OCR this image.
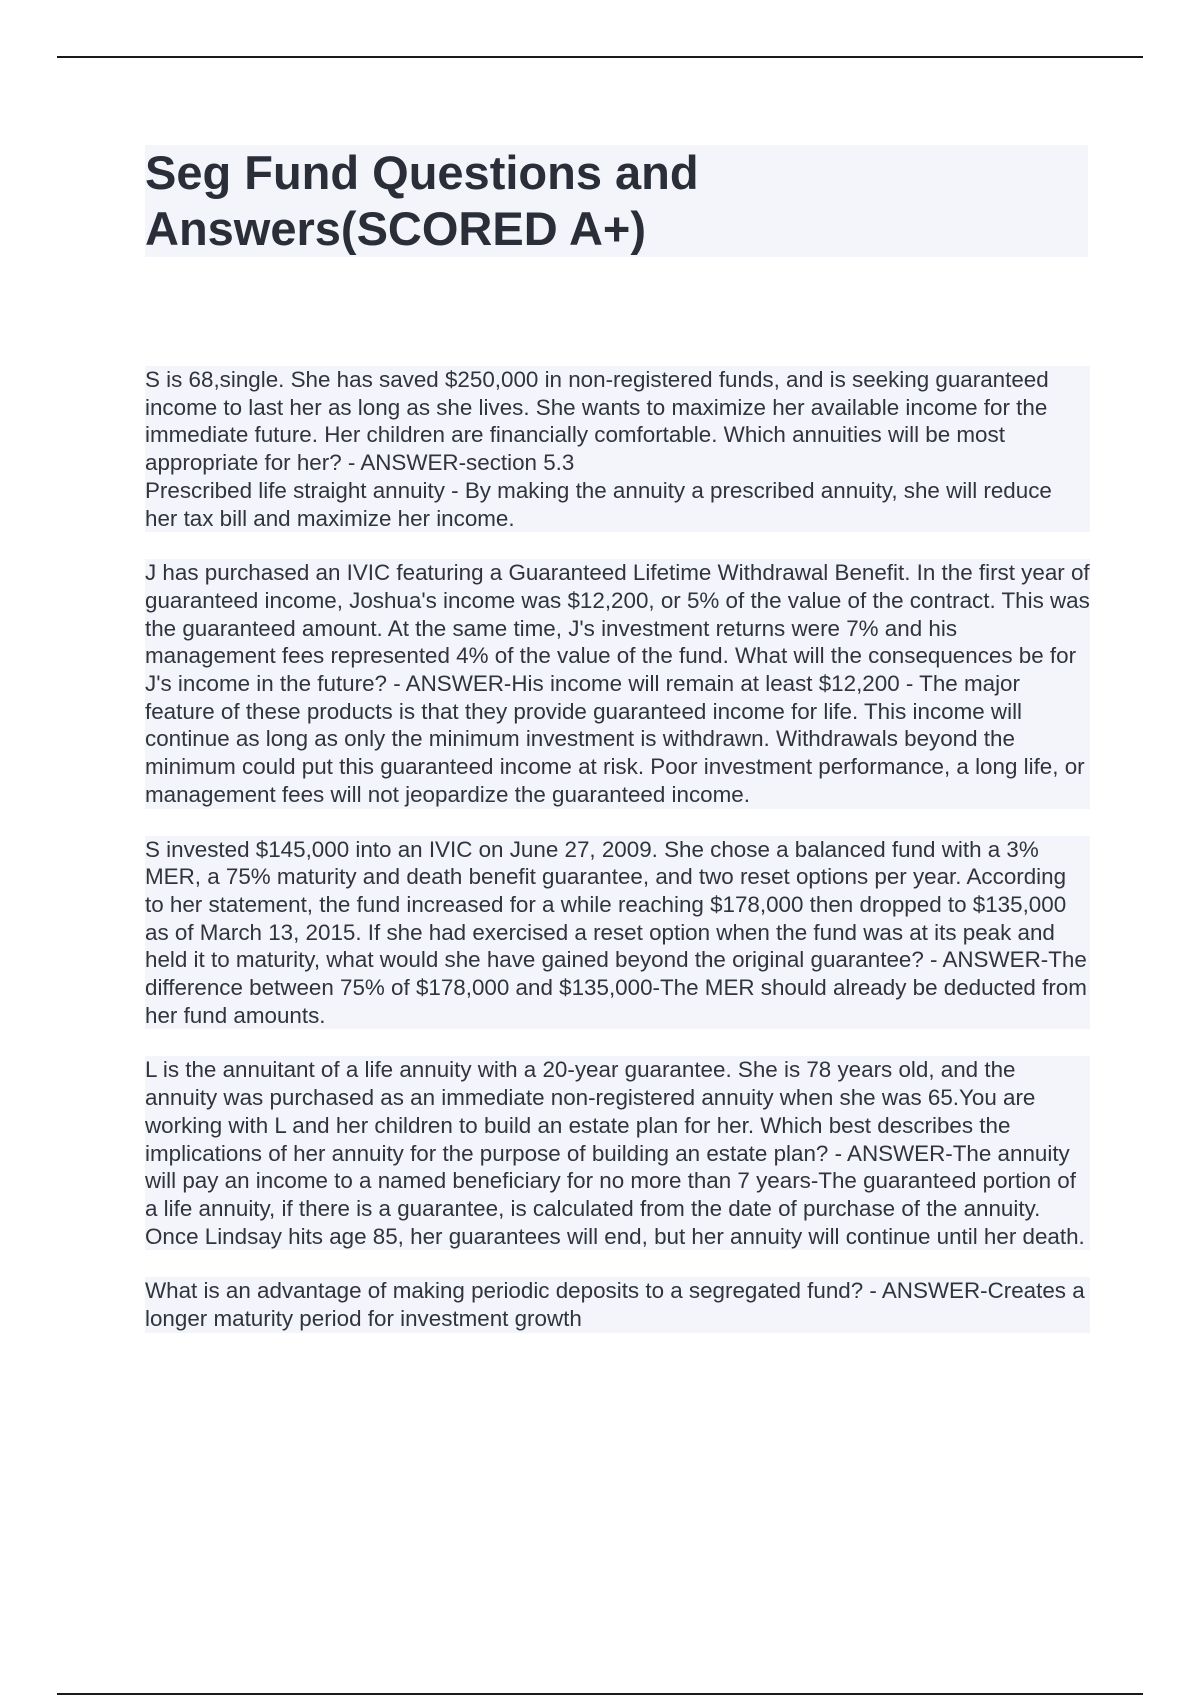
Seg Fund Questions and
Answers(SCORED A+)

S is 68,single. She has saved $250,000 in non-registered funds, and is seeking guaranteed income to last her as long as she lives. She wants to maximize her available income for the immediate future. Her children are financially comfortable. Which annuities will be most appropriate for her? - ANSWER-section 5.3
Prescribed life straight annuity - By making the annuity a prescribed annuity, she will reduce her tax bill and maximize her income.

J has purchased an IVIC featuring a Guaranteed Lifetime Withdrawal Benefit. In the first year of guaranteed income, Joshua's income was $12,200, or 5% of the value of the contract. This was the guaranteed amount. At the same time, J's investment returns were 7% and his management fees represented 4% of the value of the fund. What will the consequences be for J's income in the future? - ANSWER-His income will remain at least $12,200 - The major feature of these products is that they provide guaranteed income for life. This income will continue as long as only the minimum investment is withdrawn. Withdrawals beyond the minimum could put this guaranteed income at risk. Poor investment performance, a long life, or management fees will not jeopardize the guaranteed income.

S invested $145,000 into an IVIC on June 27, 2009. She chose a balanced fund with a 3% MER, a 75% maturity and death benefit guarantee, and two reset options per year. According to her statement, the fund increased for a while reaching $178,000 then dropped to $135,000 as of March 13, 2015. If she had exercised a reset option when the fund was at its peak and held it to maturity, what would she have gained beyond the original guarantee? - ANSWER-The difference between 75% of $178,000 and $135,000-The MER should already be deducted from her fund amounts.

L is the annuitant of a life annuity with a 20-year guarantee. She is 78 years old, and the annuity was purchased as an immediate non-registered annuity when she was 65.You are working with L and her children to build an estate plan for her. Which best describes the implications of her annuity for the purpose of building an estate plan? - ANSWER-The annuity will pay an income to a named beneficiary for no more than 7 years-The guaranteed portion of a life annuity, if there is a guarantee, is calculated from the date of purchase of the annuity. Once Lindsay hits age 85, her guarantees will end, but her annuity will continue until her death.

What is an advantage of making periodic deposits to a segregated fund? - ANSWER-Creates a longer maturity period for investment growth
